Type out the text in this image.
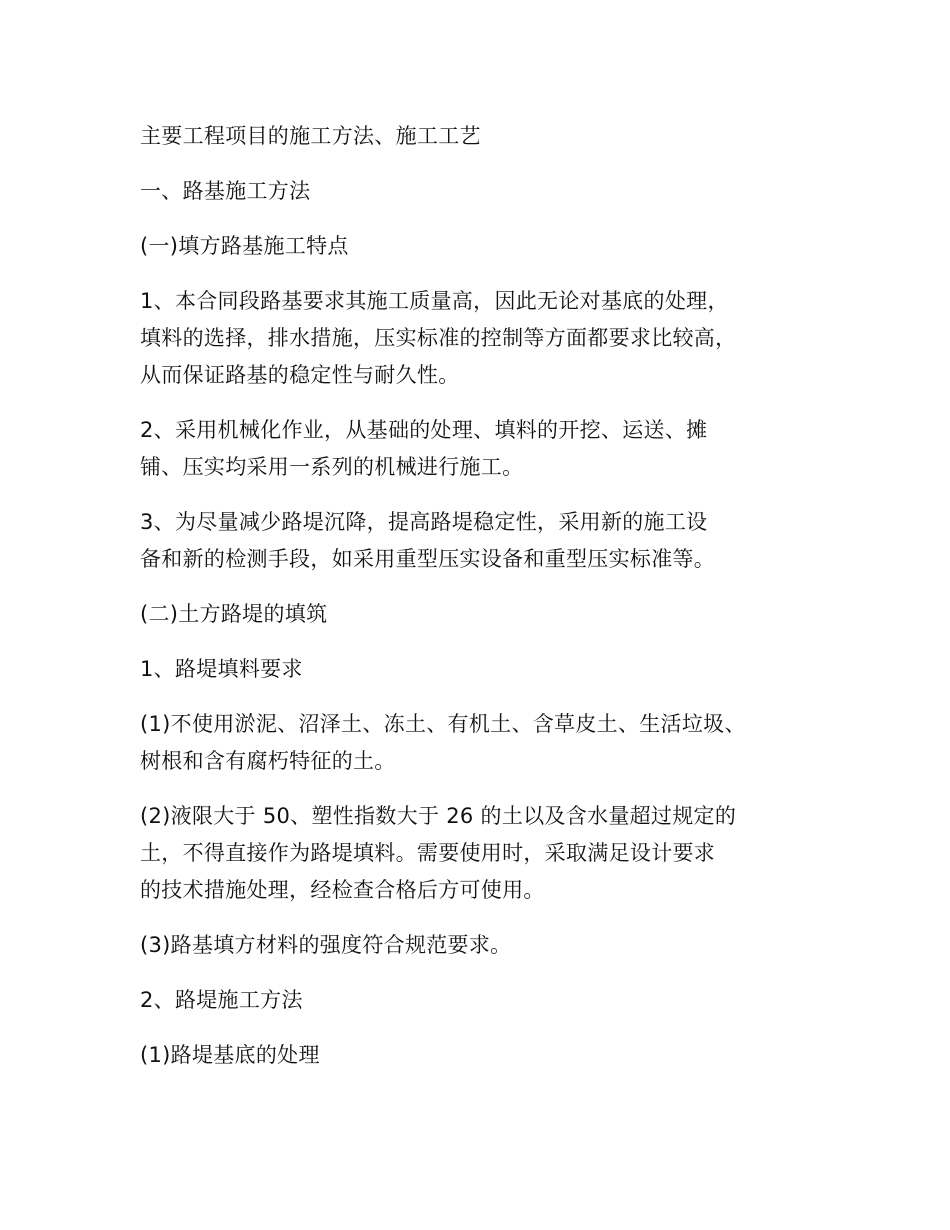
主要工程项目的施工方法、施工工艺

一、路基施工方法

(一)填方路基施工特点

1、本合同段路基要求其施工质量高，因此无论对基底的处理，
填料的选择，排水措施，压实标准的控制等方面都要求比较高，
从而保证路基的稳定性与耐久性。

2、采用机械化作业，从基础的处理、填料的开挖、运送、摊
铺、压实均采用一系列的机械进行施工。

3、为尽量减少路堤沉降，提高路堤稳定性，采用新的施工设
备和新的检测手段，如采用重型压实设备和重型压实标准等。

(二)土方路堤的填筑

1、路堤填料要求

(1)不使用淤泥、沼泽土、冻土、有机土、含草皮土、生活垃圾、
树根和含有腐朽特征的土。

(2)液限大于 50、塑性指数大于 26 的土以及含水量超过规定的
土，不得直接作为路堤填料。需要使用时，采取满足设计要求
的技术措施处理，经检查合格后方可使用。

(3)路基填方材料的强度符合规范要求。

2、路堤施工方法

(1)路堤基底的处理
